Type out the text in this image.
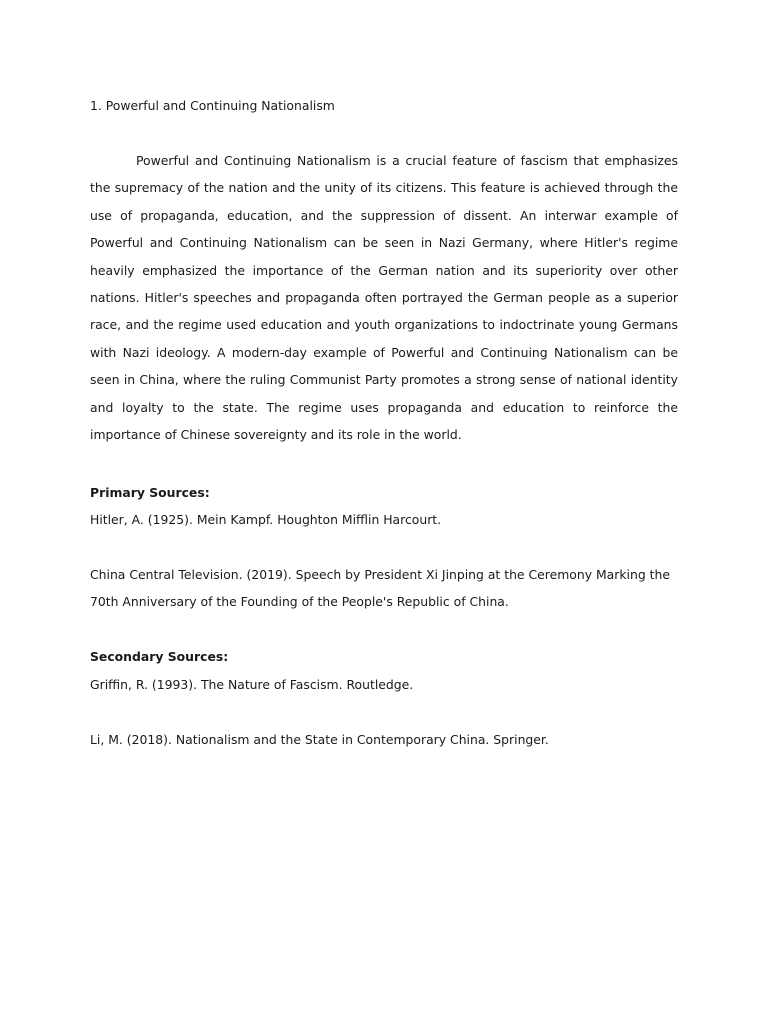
1. Powerful and Continuing Nationalism

Powerful and Continuing Nationalism is a crucial feature of fascism that emphasizes the supremacy of the nation and the unity of its citizens. This feature is achieved through the use of propaganda, education, and the suppression of dissent. An interwar example of Powerful and Continuing Nationalism can be seen in Nazi Germany, where Hitler's regime heavily emphasized the importance of the German nation and its superiority over other nations. Hitler's speeches and propaganda often portrayed the German people as a superior race, and the regime used education and youth organizations to indoctrinate young Germans with Nazi ideology. A modern-day example of Powerful and Continuing Nationalism can be seen in China, where the ruling Communist Party promotes a strong sense of national identity and loyalty to the state. The regime uses propaganda and education to reinforce the importance of Chinese sovereignty and its role in the world.

Primary Sources:

Hitler, A. (1925). Mein Kampf. Houghton Mifflin Harcourt.

China Central Television. (2019). Speech by President Xi Jinping at the Ceremony Marking the 70th Anniversary of the Founding of the People's Republic of China.

Secondary Sources:

Griffin, R. (1993). The Nature of Fascism. Routledge.

Li, M. (2018). Nationalism and the State in Contemporary China. Springer.
